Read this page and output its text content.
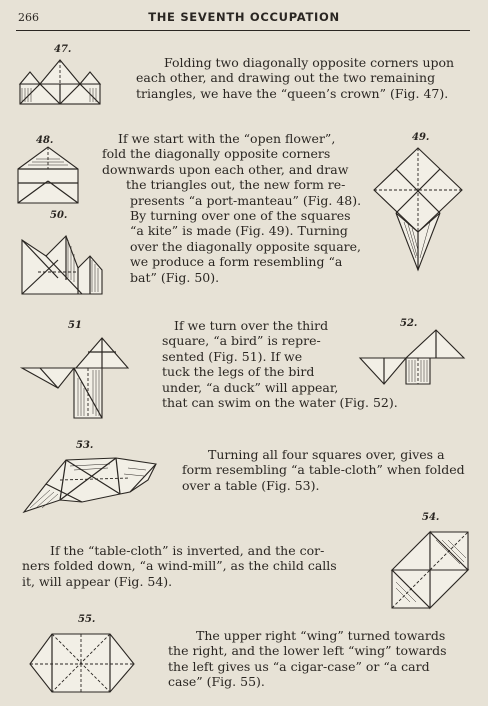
266	THE SEVENTH OCCUPATION
Folding two diagonally opposite corners upon
each other, and drawing out the two remaining
triangles, we have the “queen’s crown” (Fig. 47).
If we start with the “open flower”,
fold the diagonally opposite corners
downwards upon each other, and draw
the triangles out, the new form re-
presents “a port-manteau” (Fig. 48).
By turning over one of the squares
“a kite” is made (Fig. 49). Turning
over the diagonally opposite square,
we produce a form resembling “a
bat” (Fig. 50).
If we turn over the third
square, “a bird” is repre-
sented (Fig. 51). If we
tuck the legs of the bird
under, “a duck” will appear,
that can swim on the water (Fig. 52).
Turning all four squares over, gives a
form resembling “a table-cloth” when folded
over a table (Fig. 53).
If the “table-cloth” is inverted, and the cor-
ners folded down, “a wind-mill”, as the child calls
it, will appear (Fig. 54).
The upper right “wing” turned towards
the right, and the lower left “wing” towards
the left gives us “a cigar-case” or “a card
case” (Fig. 55).
47.
48.
50.
49.
51	52.
53.
54.
55.
